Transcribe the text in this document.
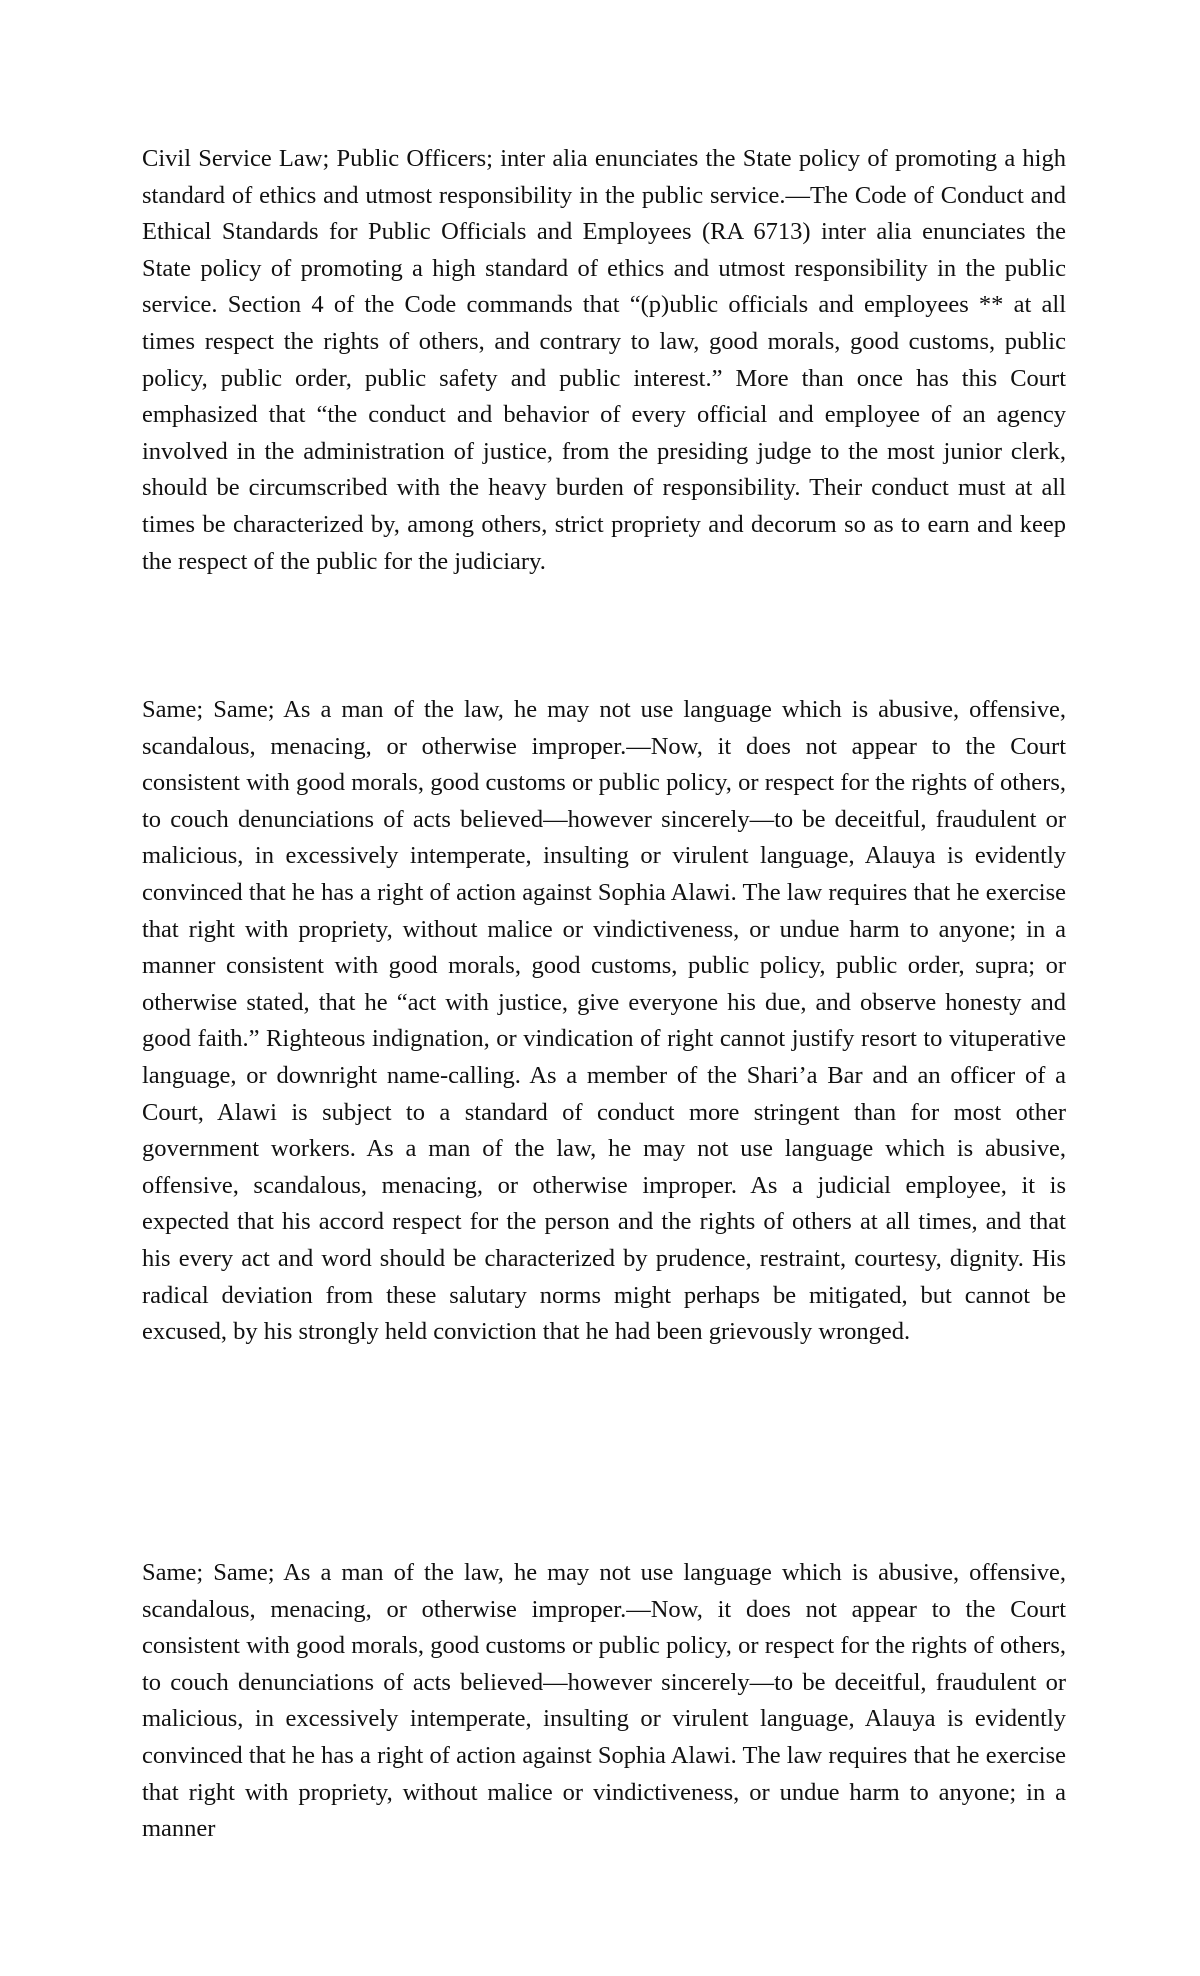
Civil Service Law; Public Officers; inter alia enunciates the State policy of promoting a high standard of ethics and utmost responsibility in the public service.—The Code of Conduct and Ethical Standards for Public Officials and Employees (RA 6713) inter alia enunciates the State policy of promoting a high standard of ethics and utmost responsibility in the public service. Section 4 of the Code commands that “(p)ublic officials and employees ** at all times respect the rights of others, and contrary to law, good morals, good customs, public policy, public order, public safety and public interest.” More than once has this Court emphasized that “the conduct and behavior of every official and employee of an agency involved in the administration of justice, from the presiding judge to the most junior clerk, should be circumscribed with the heavy burden of responsibility. Their conduct must at all times be characterized by, among others, strict propriety and decorum so as to earn and keep the respect of the public for the judiciary.

Same; Same; As a man of the law, he may not use language which is abusive, offensive, scandalous, menacing, or otherwise improper.—Now, it does not appear to the Court consistent with good morals, good customs or public policy, or respect for the rights of others, to couch denunciations of acts believed—however sincerely—to be deceitful, fraudulent or malicious, in excessively intemperate, insulting or virulent language, Alauya is evidently convinced that he has a right of action against Sophia Alawi. The law requires that he exercise that right with propriety, without malice or vindictiveness, or undue harm to anyone; in a manner consistent with good morals, good customs, public policy, public order, supra; or otherwise stated, that he “act with justice, give everyone his due, and observe honesty and good faith.” Righteous indignation, or vindication of right cannot justify resort to vituperative language, or downright name-calling. As a member of the Shari’a Bar and an officer of a Court, Alawi is subject to a standard of conduct more stringent than for most other government workers. As a man of the law, he may not use language which is abusive, offensive, scandalous, menacing, or otherwise improper. As a judicial employee, it is expected that his accord respect for the person and the rights of others at all times, and that his every act and word should be characterized by prudence, restraint, courtesy, dignity. His radical deviation from these salutary norms might perhaps be mitigated, but cannot be excused, by his strongly held conviction that he had been grievously wronged.

Same; Same; As a man of the law, he may not use language which is abusive, offensive, scandalous, menacing, or otherwise improper.—Now, it does not appear to the Court consistent with good morals, good customs or public policy, or respect for the rights of others, to couch denunciations of acts believed—however sincerely—to be deceitful, fraudulent or malicious, in excessively intemperate, insulting or virulent language, Alauya is evidently convinced that he has a right of action against Sophia Alawi. The law requires that he exercise that right with propriety, without malice or vindictiveness, or undue harm to anyone; in a manner
